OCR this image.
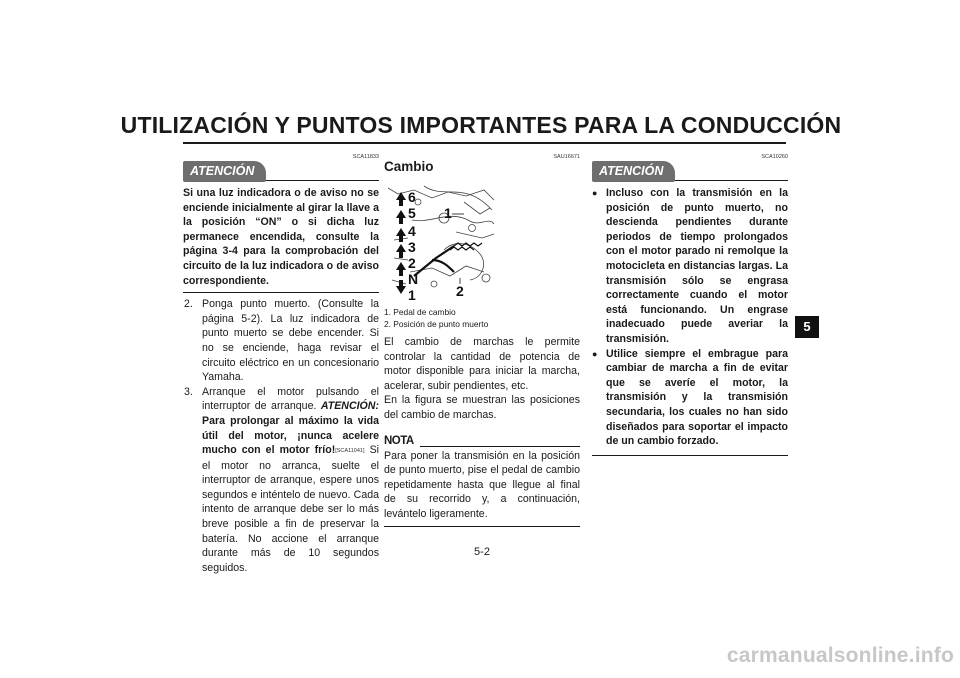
UTILIZACIÓN Y PUNTOS IMPORTANTES PARA LA CONDUCCIÓN
SCA11833
ATENCIÓN
Si una luz indicadora o de aviso no se enciende inicialmente al girar la llave a la posición “ON” o si dicha luz permanece encendida, consulte la página 3-4 para la comprobación del circuito de la luz indicadora o de aviso correspondiente.
2. Ponga punto muerto. (Consulte la página 5-2). La luz indicadora de punto muerto se debe encender. Si no se enciende, haga revisar el circuito eléctrico en un concesionario Yamaha.
3. Arranque el motor pulsando el interruptor de arranque. ATENCIÓN: Para prolongar al máximo la vida útil del motor, ¡nunca acelere mucho con el motor frío![SCA11041] Si el motor no arranca, suelte el interruptor de arranque, espere unos segundos e inténtelo de nuevo. Cada intento de arranque debe ser lo más breve posible a fin de preservar la batería. No accione el arranque durante más de 10 segundos seguidos.
SAU16671
Cambio
6
5
4
3
2
N
1
1
2
1. Pedal de cambio
2. Posición de punto muerto
El cambio de marchas le permite controlar la cantidad de potencia de motor disponible para iniciar la marcha, acelerar, subir pendientes, etc.
En la figura se muestran las posiciones del cambio de marchas.
NOTA
Para poner la transmisión en la posición de punto muerto, pise el pedal de cambio repetidamente hasta que llegue al final de su recorrido y, a continuación, levántelo ligeramente.
SCA10260
ATENCIÓN
● Incluso con la transmisión en la posición de punto muerto, no descienda pendientes durante periodos de tiempo prolongados con el motor parado ni remolque la motocicleta en distancias largas. La transmisión sólo se engrasa correctamente cuando el motor está funcionando. Un engrase inadecuado puede averiar la transmisión.
● Utilice siempre el embrague para cambiar de marcha a fin de evitar que se averíe el motor, la transmisión y la transmisión secundaria, los cuales no han sido diseñados para soportar el impacto de un cambio forzado.
5
5-2
carmanualsonline.info
